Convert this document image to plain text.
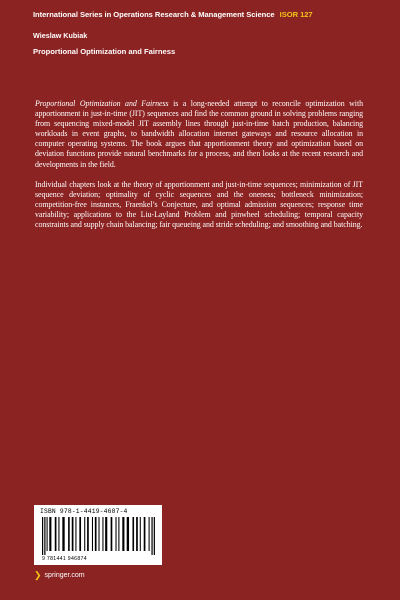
International Series in Operations Research & Management Science ISOR 127
Wieslaw Kubiak
Proportional Optimization and Fairness

Proportional Optimization and Fairness is a long-needed attempt to reconcile optimization with apportionment in just-in-time (JIT) sequences and find the common ground in solving problems ranging from sequencing mixed-model JIT assembly lines through just-in-time batch production, balancing workloads in event graphs, to bandwidth allocation internet gateways and resource allocation in computer operating systems. The book argues that apportionment theory and optimization based on deviation functions provide natural benchmarks for a process, and then looks at the recent research and developments in the field.

Individual chapters look at the theory of apportionment and just-in-time sequences; minimization of JIT sequence deviation; optimality of cyclic sequences and the oneness; bottleneck minimization; competition-free instances, Fraenkel’s Conjecture, and optimal admission sequences; response time variability; applications to the Liu-Layland Problem and pinwheel scheduling; temporal capacity constraints and supply chain balancing; fair queueing and stride scheduling; and smoothing and batching.

ISBN 978-1-4419-4687-4
9 781441 946874
❯ springer.com
